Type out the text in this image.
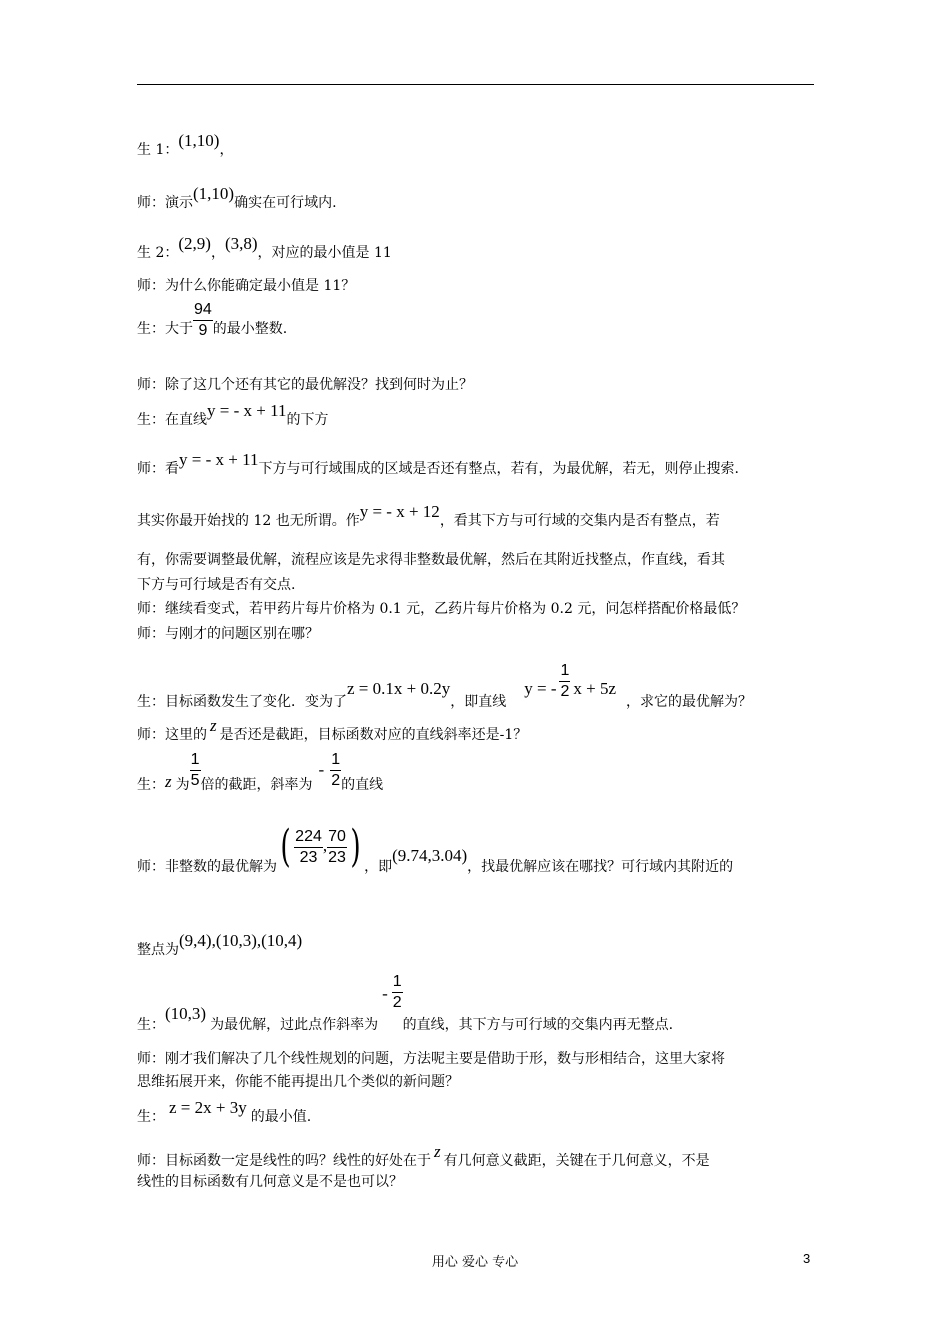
生 1：(1,10)，
师：演示(1,10)确实在可行域内.
生 2：(2,9)，(3,8)，对应的最小值是 11
师：为什么你能确定最小值是 11？
生：大于 $\frac{94}{9}$ 的最小整数.
师：除了这几个还有其它的最优解没？找到何时为止？
生：在直线y = - x + 11的下方
师：看y = - x + 11下方与可行域围成的区域是否还有整点，若有，为最优解，若无，则停止搜索.
其实你最开始找的 12 也无所谓。作y = - x + 12，看其下方与可行域的交集内是否有整点，若
有，你需要调整最优解，流程应该是先求得非整数最优解，然后在其附近找整点，作直线，看其
下方与可行域是否有交点.
师：继续看变式，若甲药片每片价格为 0.1 元，乙药片每片价格为 0.2 元，问怎样搭配价格最低？
师：与刚才的问题区别在哪？
生：目标函数发生了变化．变为了z = 0.1x + 0.2y，即直线y = - $\frac{1}{2}$ x + 5z，求它的最优解为？
师：这里的 z 是否还是截距，目标函数对应的直线斜率还是-1？
生：z 为 $\frac{1}{5}$ 倍的截距，斜率为- $\frac{1}{2}$ 的直线
师：非整数的最优解为( $\frac{224}{23}$ , $\frac{70}{23}$ ) ，即(9.74,3.04)，找最优解应该在哪找？可行域内其附近的
整点为(9,4),(10,3),(10,4)
生：(10,3)为最优解，过此点作斜率为- $\frac{1}{2}$
的直线，其下方与可行域的交集内再无整点.
师：刚才我们解决了几个线性规划的问题，方法呢主要是借助于形，数与形相结合，这里大家将
思维拓展开来，你能不能再提出几个类似的新问题？
生： z = 2x + 3y 的最小值.
师：目标函数一定是线性的吗？线性的好处在于 z 有几何意义截距，关键在于几何意义，不是
线性的目标函数有几何意义是不是也可以？
用心 爱心 专心	3
